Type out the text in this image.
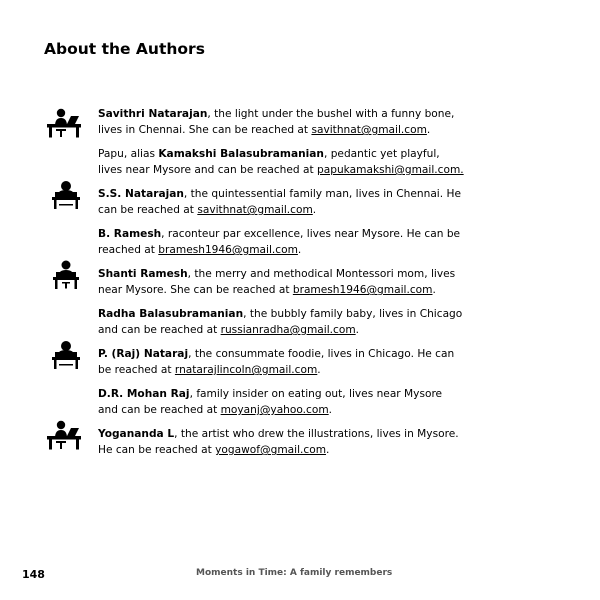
About the Authors
Savithri Natarajan, the light under the bushel with a funny bone,
lives in Chennai. She can be reached at savithnat@gmail.com.
Papu, alias Kamakshi Balasubramanian, pedantic yet playful,
lives near Mysore and can be reached at papukamakshi@gmail.com.
S.S. Natarajan, the quintessential family man, lives in Chennai. He
can be reached at savithnat@gmail.com.
B. Ramesh, raconteur par excellence, lives near Mysore. He can be
reached at bramesh1946@gmail.com.
Shanti Ramesh, the merry and methodical Montessori mom, lives
near Mysore. She can be reached at bramesh1946@gmail.com.
Radha Balasubramanian, the bubbly family baby, lives in Chicago
and can be reached at russianradha@gmail.com.
P. (Raj) Nataraj, the consummate foodie, lives in Chicago. He can
be reached at rnatarajlincoln@gmail.com.
D.R. Mohan Raj, family insider on eating out, lives near Mysore
and can be reached at moyanj@yahoo.com.
Yoganandа L, the artist who drew the illustrations, lives in Mysore.
He can be reached at yogawof@gmail.com.
148	Moments in Time: A family remembers
